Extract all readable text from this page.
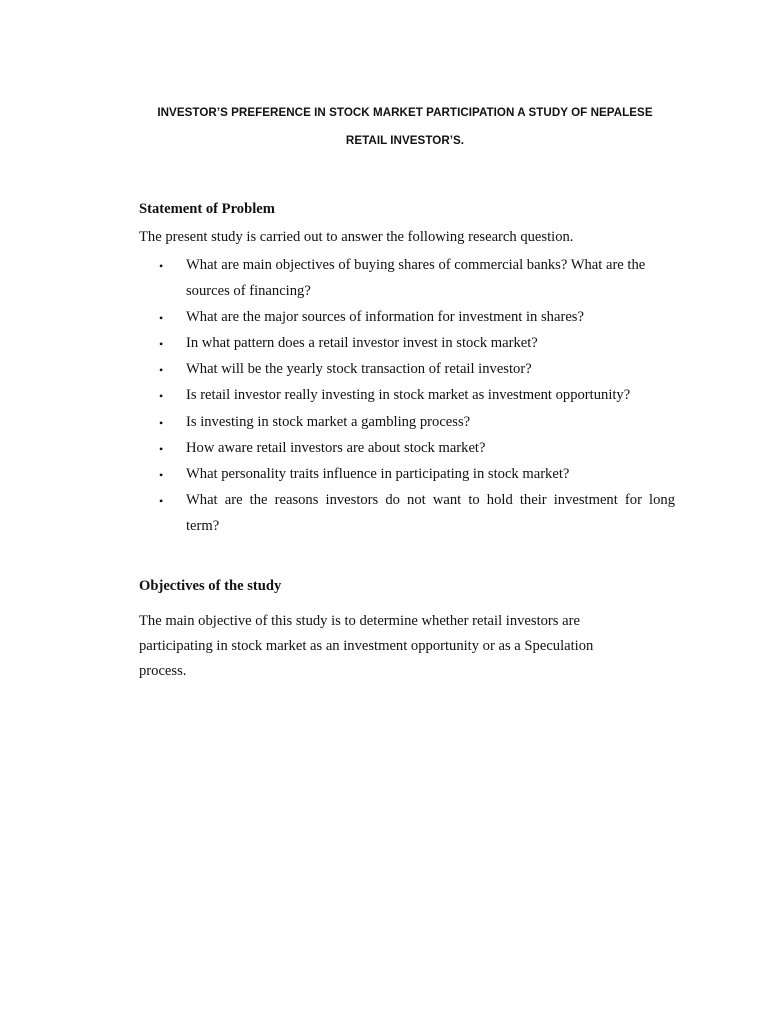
INVESTOR’S PREFERENCE IN STOCK MARKET PARTICIPATION A STUDY OF NEPALESE
RETAIL INVESTOR’S.
Statement of Problem
The present study is carried out to answer the following research question.
• What are main objectives of buying shares of commercial banks? What are the
sources of financing?
• What are the major sources of information for investment in shares?
• In what pattern does a retail investor invest in stock market?
• What will be the yearly stock transaction of retail investor?
• Is retail investor really investing in stock market as investment opportunity?
• Is investing in stock market a gambling process?
• How aware retail investors are about stock market?
• What personality traits influence in participating in stock market?
• What are the reasons investors do not want to hold their investment for long
term?
Objectives of the study
The main objective of this study is to determine whether retail investors are
participating in stock market as an investment opportunity or as a Speculation
process.
